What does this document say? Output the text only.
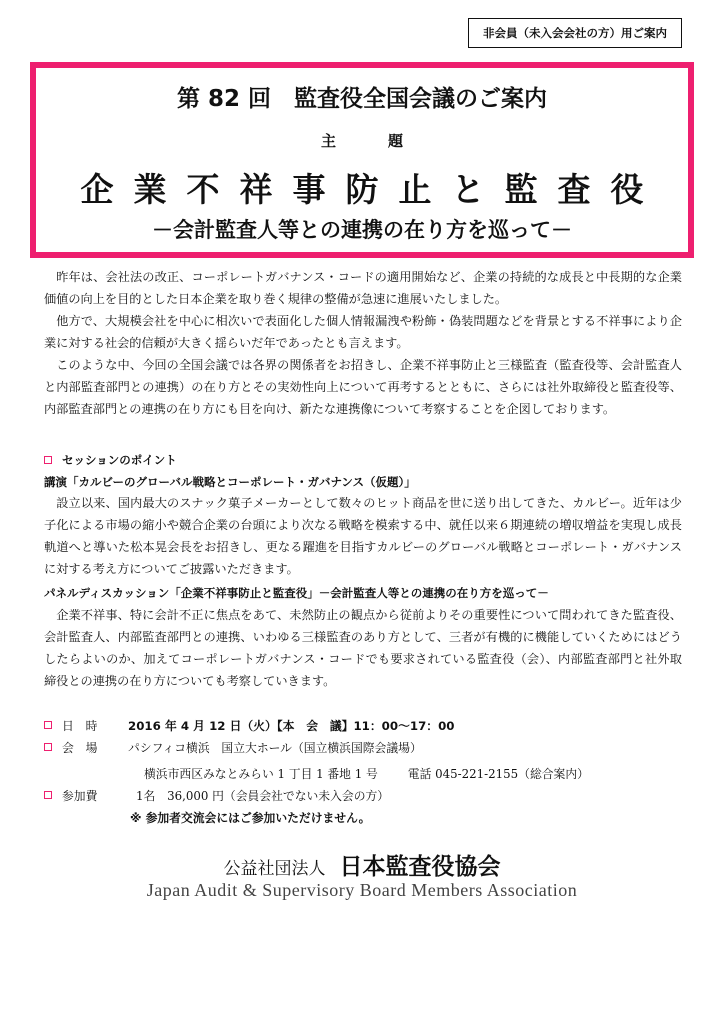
非会員（未入会会社の方）用ご案内
第 82 回　監査役全国会議のご案内
主題
企業不祥事防止と監査役
－会計監査人等との連携の在り方を巡って－

昨年は、会社法の改正、コーポレートガバナンス・コードの適用開始など、企業の持続的な成長と中長期的な企業価値の向上を目的とした日本企業を取り巻く規律の整備が急速に進展いたしました。

他方で、大規模会社を中心に相次いで表面化した個人情報漏洩や粉飾・偽装問題などを背景とする不祥事により企業に対する社会的信頼が大きく揺らいだ年であったとも言えます。

このような中、今回の全国会議では各界の関係者をお招きし、企業不祥事防止と三様監査（監査役等、会計監査人と内部監査部門との連携）の在り方とその実効性向上について再考するとともに、さらには社外取締役と監査役等、内部監査部門との連携の在り方にも目を向け、新たな連携像について考察することを企図しております。

セッションのポイント
講演「カルビーのグローバル戦略とコーポレート・ガバナンス（仮題）」

設立以来、国内最大のスナック菓子メーカーとして数々のヒット商品を世に送り出してきた、カルビー。近年は少子化による市場の縮小や競合企業の台頭により次なる戦略を模索する中、就任以来６期連続の増収増益を実現し成長軌道へと導いた松本晃会長をお招きし、更なる躍進を目指すカルビーのグローバル戦略とコーポレート・ガバナンスに対する考え方についてご披露いただきます。

パネルディスカッション「企業不祥事防止と監査役」－会計監査人等との連携の在り方を巡って－

企業不祥事、特に会計不正に焦点をあて、未然防止の観点から従前よりその重要性について問われてきた監査役、会計監査人、内部監査部門との連携、いわゆる三様監査のあり方として、三者が有機的に機能していくためにはどうしたらよいのか、加えてコーポレートガバナンス・コードでも要求されている監査役（会）、内部監査部門と社外取締役との連携の在り方についても考察していきます。

日　時	2016 年 4 月 12 日（火）【本　会　議】11：00～17：00
会　場	パシフィコ横浜　国立大ホール（国立横浜国際会議場）
横浜市西区みなとみらい 1 丁目 1 番地 1 号	電話 045-221-2155（総合案内）
参加費	1名　36,000 円（会員会社でない未入会の方）
※ 参加者交流会にはご参加いただけません。
公益社団法人 日本監査役協会
Japan Audit & Supervisory Board Members Association
